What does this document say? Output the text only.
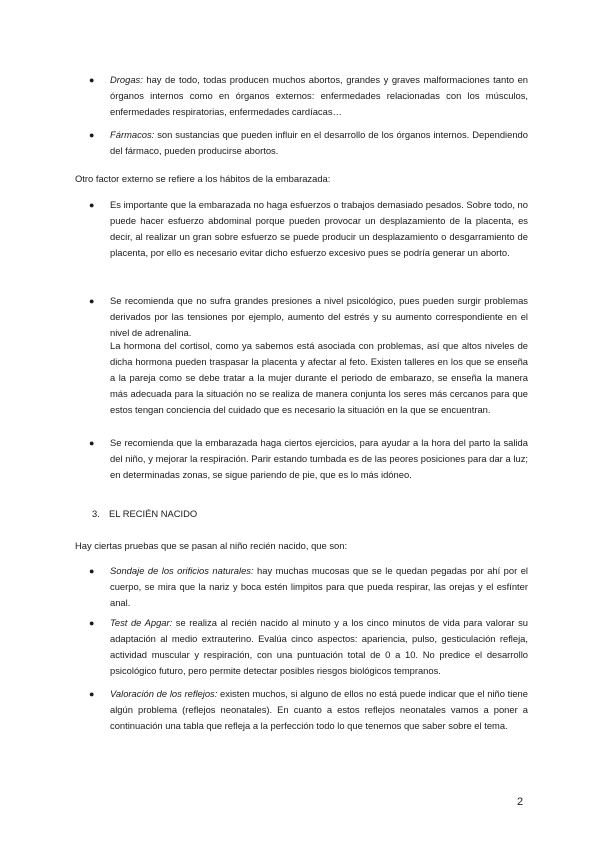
● Drogas: hay de todo, todas producen muchos abortos, grandes y graves malformaciones tanto en órganos internos como en órganos externos: enfermedades relacionadas con los músculos, enfermedades respiratorias, enfermedades cardíacas…
● Fármacos: son sustancias que pueden influir en el desarrollo de los órganos internos. Dependiendo del fármaco, pueden producirse abortos.
Otro factor externo se refiere a los hábitos de la embarazada:
● Es importante que la embarazada no haga esfuerzos o trabajos demasiado pesados. Sobre todo, no puede hacer esfuerzo abdominal porque pueden provocar un desplazamiento de la placenta, es decir, al realizar un gran sobre esfuerzo se puede producir un desplazamiento o desgarramiento de placenta, por ello es necesario evitar dicho esfuerzo excesivo pues se podría generar un aborto.
● Se recomienda que no sufra grandes presiones a nivel psicológico, pues pueden surgir problemas derivados por las tensiones por ejemplo, aumento del estrés y su aumento correspondiente en el nivel de adrenalina.
La hormona del cortisol, como ya sabemos está asociada con problemas, así que altos niveles de dicha hormona pueden traspasar la placenta y afectar al feto. Existen talleres en los que se enseña a la pareja como se debe tratar a la mujer durante el periodo de embarazo, se enseña la manera más adecuada para la situación no se realiza de manera conjunta los seres más cercanos para que estos tengan conciencia del cuidado que es necesario la situación en la que se encuentran.
● Se recomienda que la embarazada haga ciertos ejercicios, para ayudar a la hora del parto la salida del niño, y mejorar la respiración. Parir estando tumbada es de las peores posiciones para dar a luz; en determinadas zonas, se sigue pariendo de pie, que es lo más idóneo.
3. EL RECIÉN NACIDO
Hay ciertas pruebas que se pasan al niño recién nacido, que son:
● Sondaje de los orificios naturales: hay muchas mucosas que se le quedan pegadas por ahí por el cuerpo, se mira que la nariz y boca estén limpitos para que pueda respirar, las orejas y el esfínter anal.
● Test de Apgar: se realiza al recién nacido al minuto y a los cinco minutos de vida para valorar su adaptación al medio extrauterino. Evalúa cinco aspectos: apariencia, pulso, gesticulación refleja, actividad muscular y respiración, con una puntuación total de 0 a 10. No predice el desarrollo psicológico futuro, pero permite detectar posibles riesgos biológicos tempranos.
● Valoración de los reflejos: existen muchos, si alguno de ellos no está puede indicar que el niño tiene algún problema (reflejos neonatales). En cuanto a estos reflejos neonatales vamos a poner a continuación una tabla que refleja a la perfección todo lo que tenemos que saber sobre el tema.
2
